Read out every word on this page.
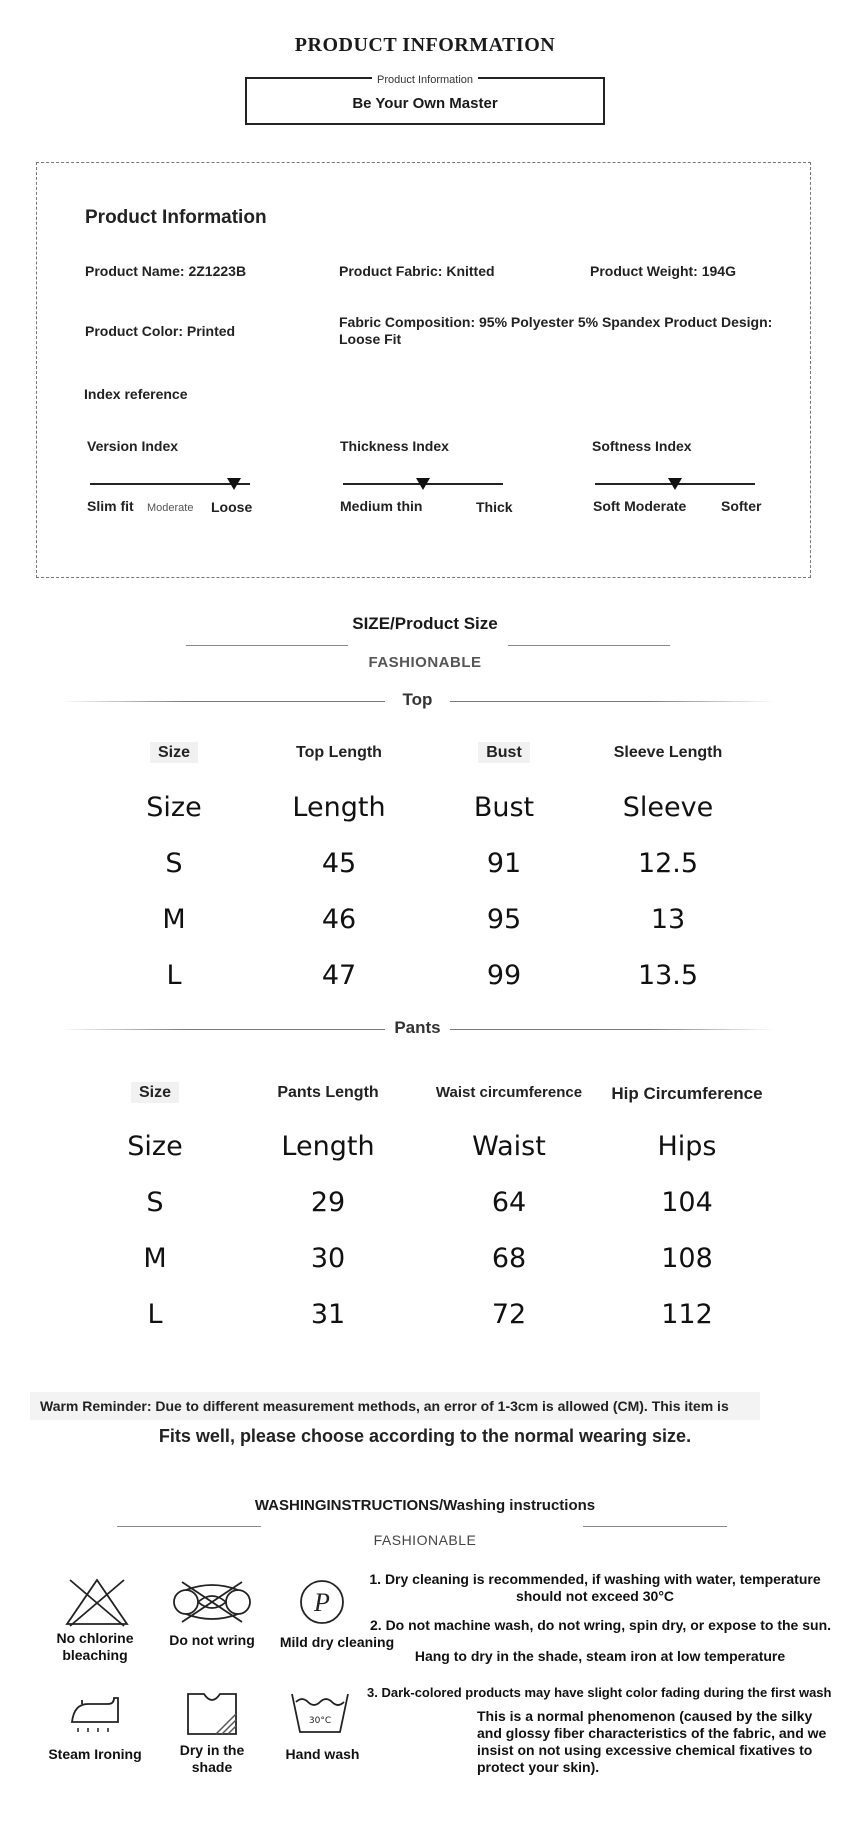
PRODUCT INFORMATION
Product Information
Be Your Own Master
Product Information
Product Name: 2Z1223B	Product Fabric: Knitted	Product Weight: 194G
Product Color: Printed
Fabric Composition: 95% Polyester 5% Spandex Product Design: Loose Fit
Index reference
Version Index
Slim fit Moderate Loose
Thickness Index
Medium thin	Thick
Softness Index
Soft Moderate Softer
SIZE/Product Size
FASHIONABLE
Top
Size	Top Length	Bust	Sleeve Length
Size	Length	Bust	Sleeve
S	45	91	12.5
M	46	95	13
L	47	99	13.5
Pants
Size	Pants Length	Waist circumference	Hip Circumference
Size	Length	Waist	Hips
S	29	64	104
M	30	68	108
L	31	72	112
Warm Reminder: Due to different measurement methods, an error of 1-3cm is allowed (CM). This item is
Fits well, please choose according to the normal wearing size.
WASHINGINSTRUCTIONS/Washing instructions
FASHIONABLE
No chlorine
bleaching
Do not wring
P
Mild dry cleaning
Steam Ironing	Dry in the
shade
30°C
Hand wash
1. Dry cleaning is recommended, if washing with water, temperature
should not exceed 30°C
2. Do not machine wash, do not wring, spin dry, or expose to the sun.
Hang to dry in the shade, steam iron at low temperature
3. Dark-colored products may have slight color fading during the first wash
This is a normal phenomenon (caused by the silky and glossy fiber characteristics of the fabric, and we insist on not using excessive chemical fixatives to protect your skin).
